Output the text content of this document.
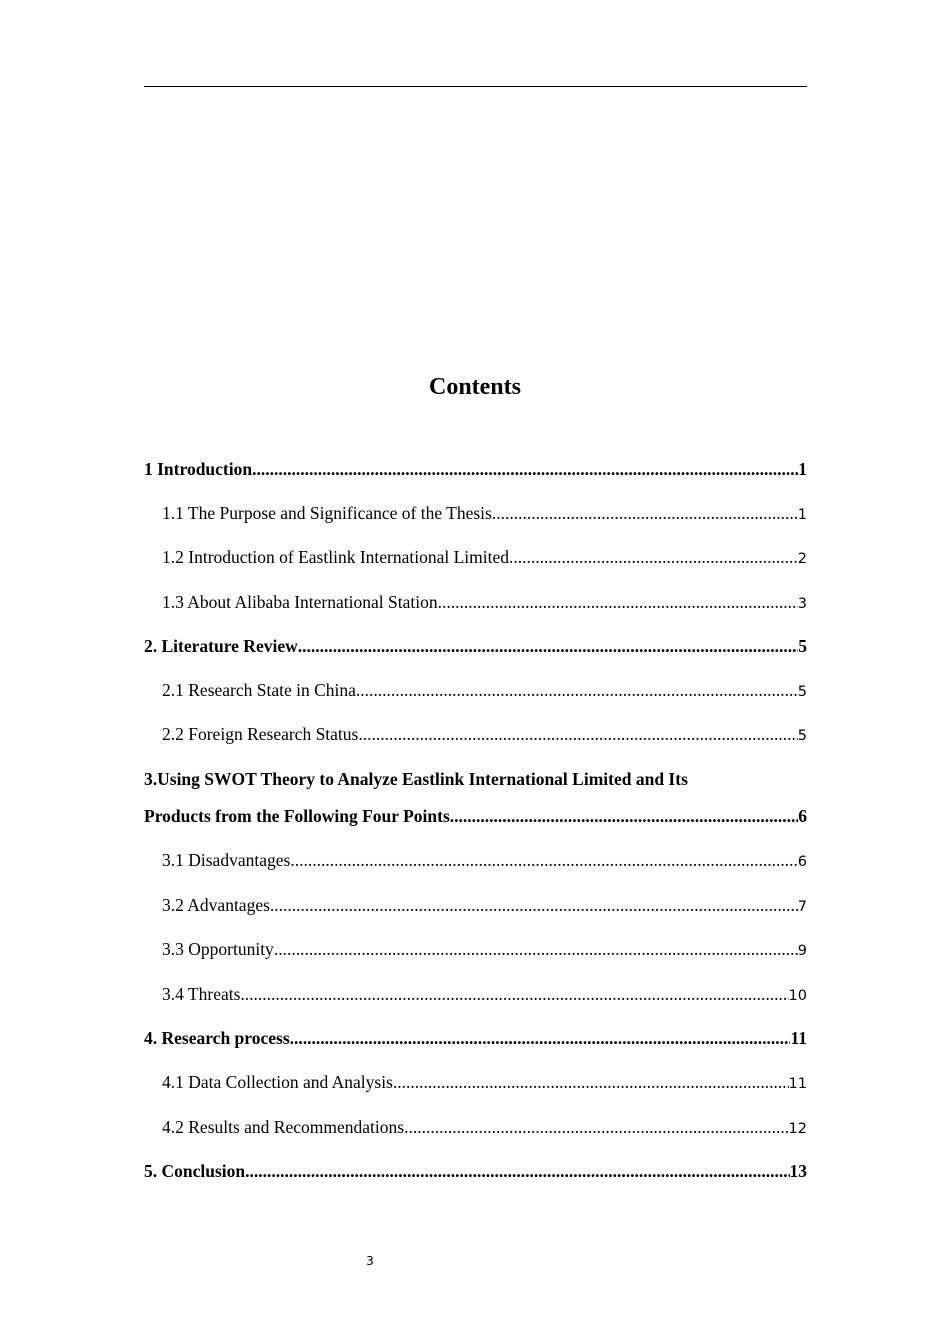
Contents
1 Introduction .....	1
1.1 The Purpose and Significance of the Thesis .....	1
1.2 Introduction of Eastlink International Limited .....	2
1.3 About Alibaba International Station .....	3
2. Literature Review .....	5
2.1 Research State in China .....	5
2.2 Foreign Research Status .....	5
3.Using SWOT Theory to Analyze Eastlink International Limited and Its
Products from the Following Four Points .....	6
3.1 Disadvantages .....	6
3.2 Advantages .....	7
3.3 Opportunity .....	9
3.4 Threats .....	10
4. Research process .....	11
4.1 Data Collection and Analysis .....	11
4.2 Results and Recommendations .....	12
5. Conclusion .....	13
3
